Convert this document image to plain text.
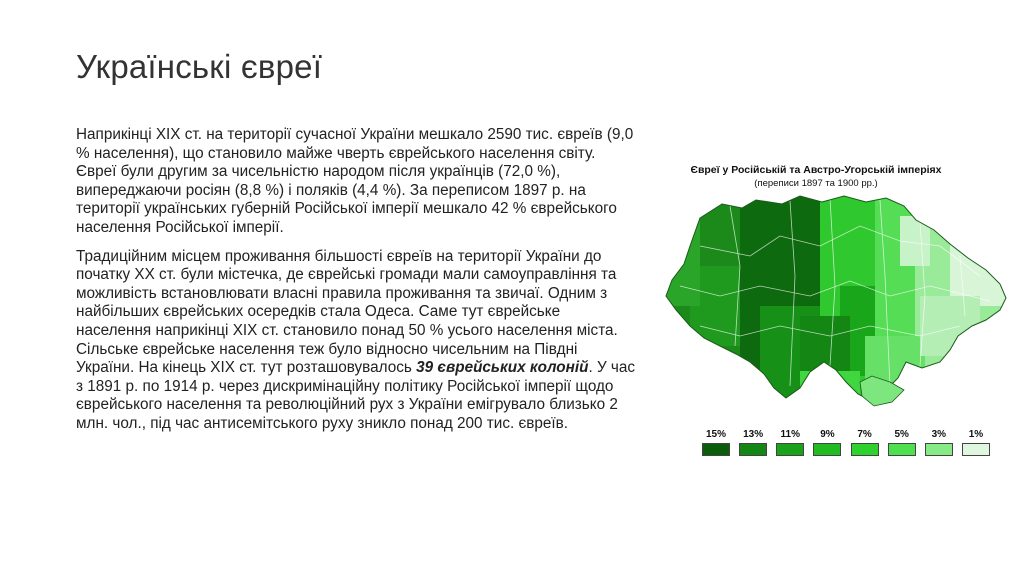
Українські євреї

Наприкінці XIX ст. на території сучасної України мешкало 2590 тис. євреїв (9,0 % населення), що становило майже чверть єврейського населення світу. Євреї були другим за чисельністю народом після українців (72,0 %), випереджаючи росіян (8,8 %) і поляків (4,4 %). За переписом 1897 р. на території українських губерній Російської імперії мешкало 42 % єврейського населення Російської імперії.

Традиційним місцем проживання більшості євреїв на території України до початку XX ст. були містечка, де єврейські громади мали самоуправління та можливість встановлювати власні правила проживання та звичаї. Одним з найбільших єврейських осередків стала Одеса. Саме тут єврейське населення наприкінці XIX ст. становило понад 50 % усього населення міста. Сільське єврейське населення теж було відносно чисельним на Півдні України. На кінець XIX ст. тут розташовувалось 39 єврейських колоній. У час з 1891 р. по 1914 р. через дискримінаційну політику Російської імперії щодо єврейського населення та революційний рух з України емігрувало близько 2 млн. чол., під час антисемітського руху зникло понад 200 тис. євреїв.

Євреї у Російській та Австро-Угорській імперіях
(переписи 1897 та 1900 рр.)
15%	13%	11%	9%	7%	5%	3%	1%
